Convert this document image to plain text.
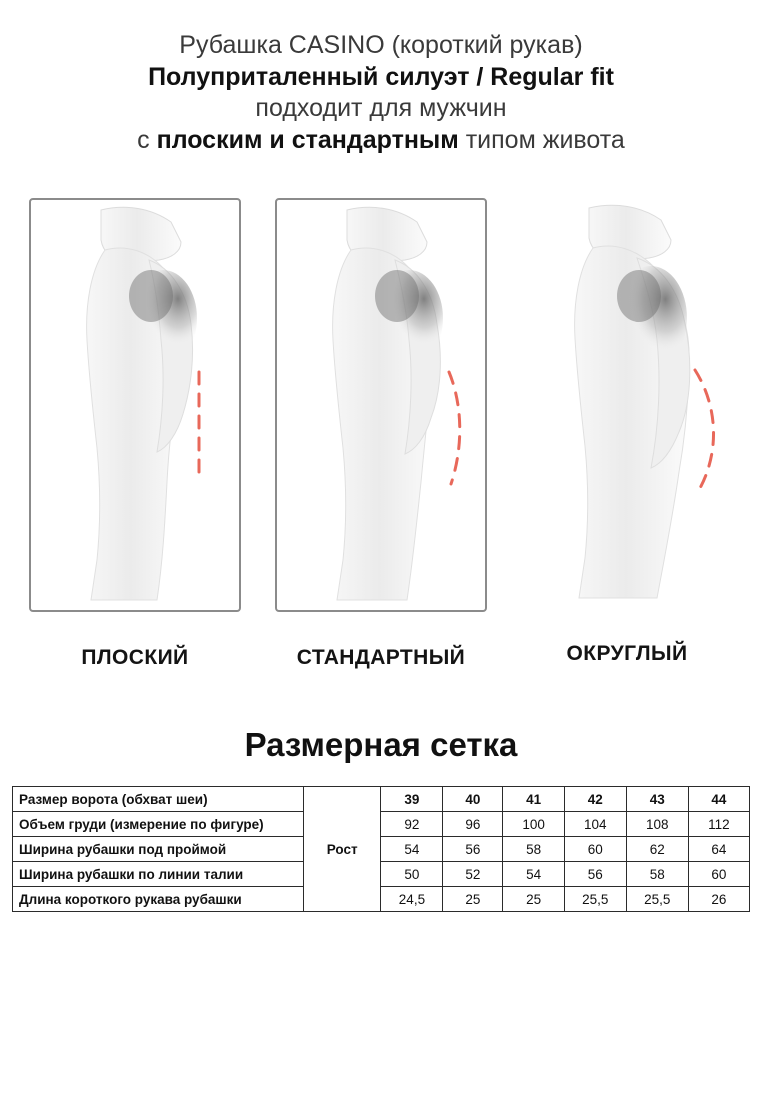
Рубашка CASINO (короткий рукав)
Полуприталенный силуэт / Regular fit
подходит для мужчин
с плоским и стандартным типом живота
ПЛОСКИЙ	СТАНДАРТНЫЙ	ОКРУГЛЫЙ
Размерная сетка
Размер ворота (обхват шеи)	Рост	39	40	41	42	43	44
Объем груди (измерение по фигуре)		92	96	100	104	108	112
Ширина рубашки под проймой		54	56	58	60	62	64
Ширина рубашки по линии талии		50	52	54	56	58	60
Длина короткого рукава рубашки		24,5	25	25	25,5	25,5	26
